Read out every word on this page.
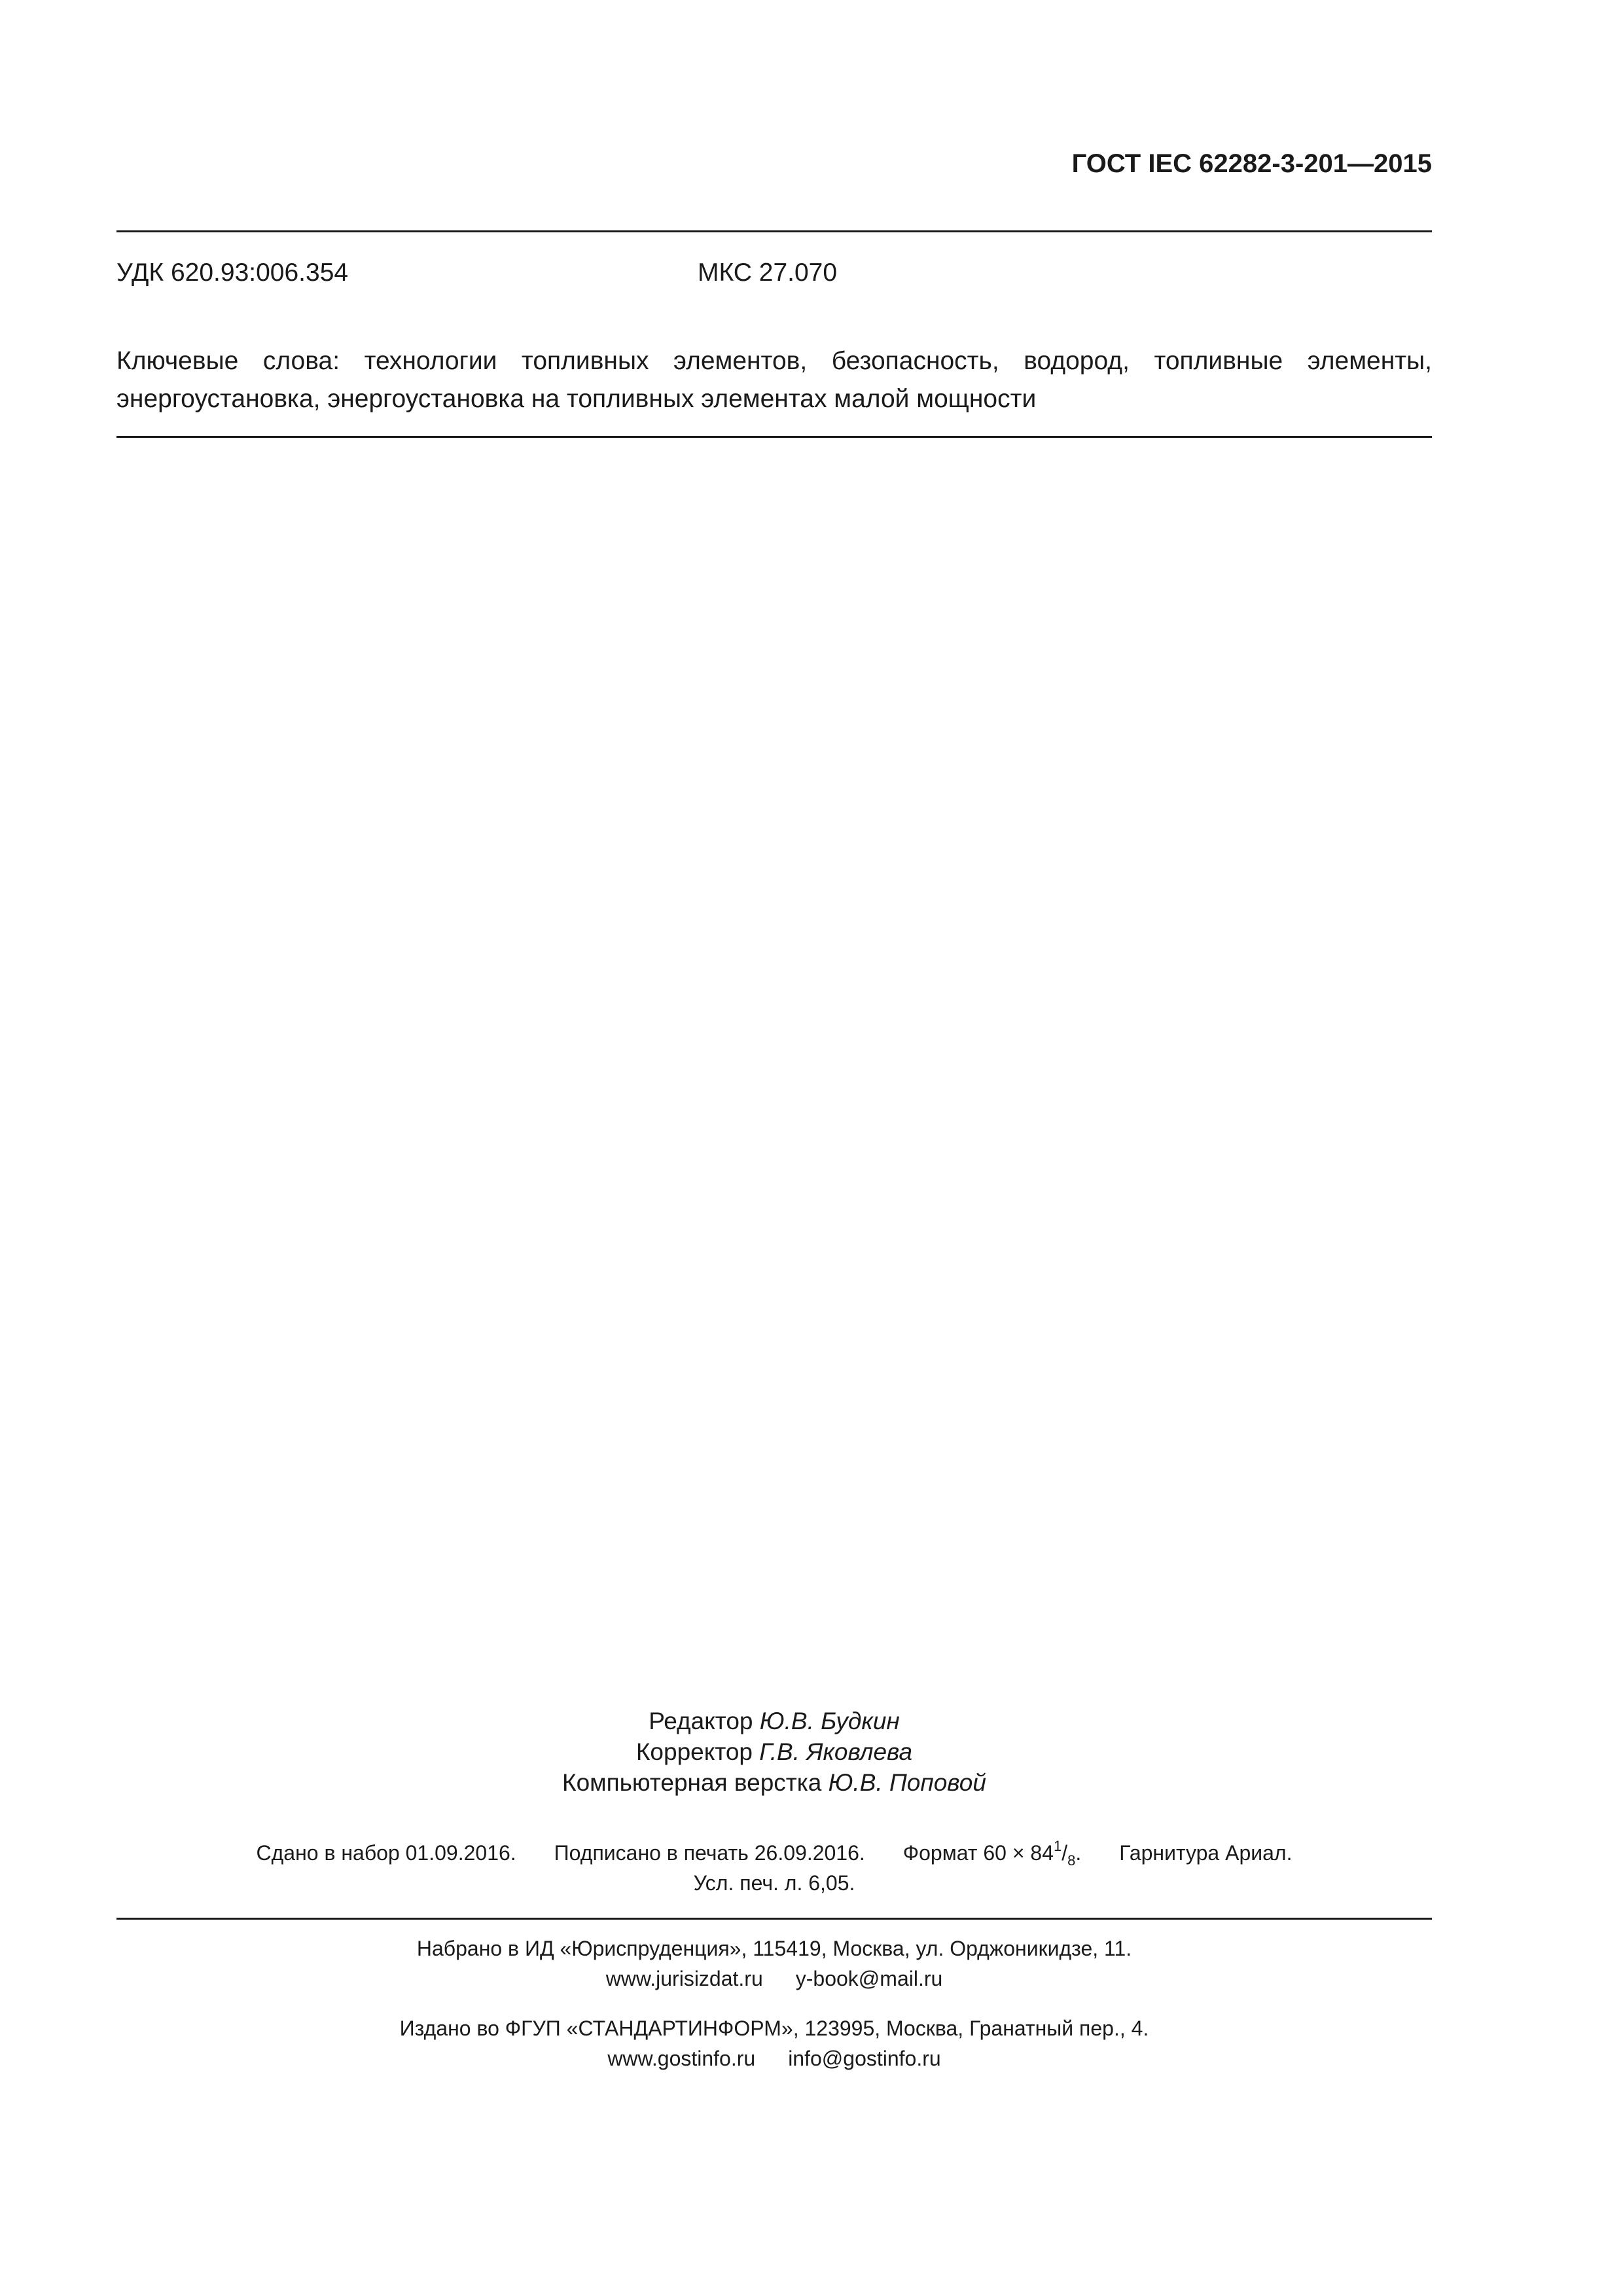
ГОСТ IEC 62282-3-201—2015
УДК 620.93:006.354	МКС 27.070
Ключевые слова: технологии топливных элементов, безопасность, водород, топливные элементы,
энергоустановка, энергоустановка на топливных элементах малой мощности
Редактор Ю.В. Будкин
Корректор Г.В. Яковлева
Компьютерная верстка Ю.В. Поповой
Сдано в набор 01.09.2016. Подписано в печать 26.09.2016. Формат $60 \times 84^1/_8$. Гарнитура Ариал.
Усл. печ. л. 6,05.
Набрано в ИД «Юриспруденция», 115419, Москва, ул. Орджоникидзе, 11.
www.jurisizdat.ru y-book@mail.ru
Издано во ФГУП «СТАНДАРТИНФОРМ», 123995, Москва, Гранатный пер., 4.
www.gostinfo.ru info@gostinfo.ru
